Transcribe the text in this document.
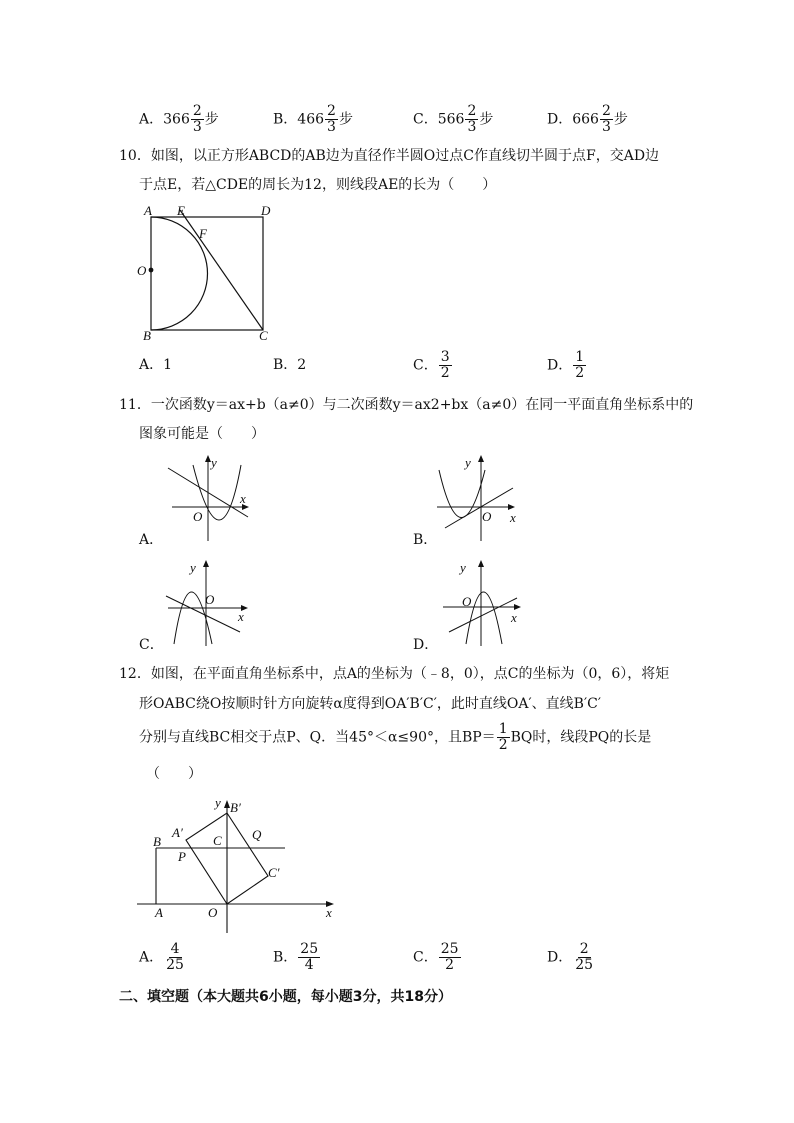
A．$366 \frac{2}{3}$ 步	B．$466 \frac{2}{3}$ 步	C．$566 \frac{2}{3}$ 步	D．$666 \frac{2}{3}$ 步
10．如图，以正方形ABCD的AB边为直径作半圆O过点C作直线切半圆于点F，交AD边
于点E，若△CDE的周长为12，则线段AE的长为（　　）
A E	D
F
O
B	C
A．1	B．2	C． $\frac{3}{2}$	D． $\frac{1}{2}$
11．一次函数y＝ax+b（a≠0）与二次函数y＝ax2+bx（a≠0）在同一平面直角坐标系中的
图象可能是（　　）
y
x
O
A．
y
x
O
B．
y
x
O
C．
y
x
O
D．
12．如图，在平面直角坐标系中，点A的坐标为（﹣8，0），点C的坐标为（0，6），将矩
形OABC绕O按顺时针方向旋转α度得到OA′B′C′，此时直线OA′、直线B′C′
分别与直线BC相交于点P、Q．当45°＜α≤90°，且$BP= \frac{1}{2}$ BQ时，线段PQ的长是
（　　）
y B′
A′	Q
B	C
P
C′
A	O	x
A． $\frac{4}{25}$	B． $\frac{25}{4}$	C． $\frac{25}{2}$	D． $\frac{2}{25}$
二、填空题（本大题共6小题，每小题3分，共18分）
